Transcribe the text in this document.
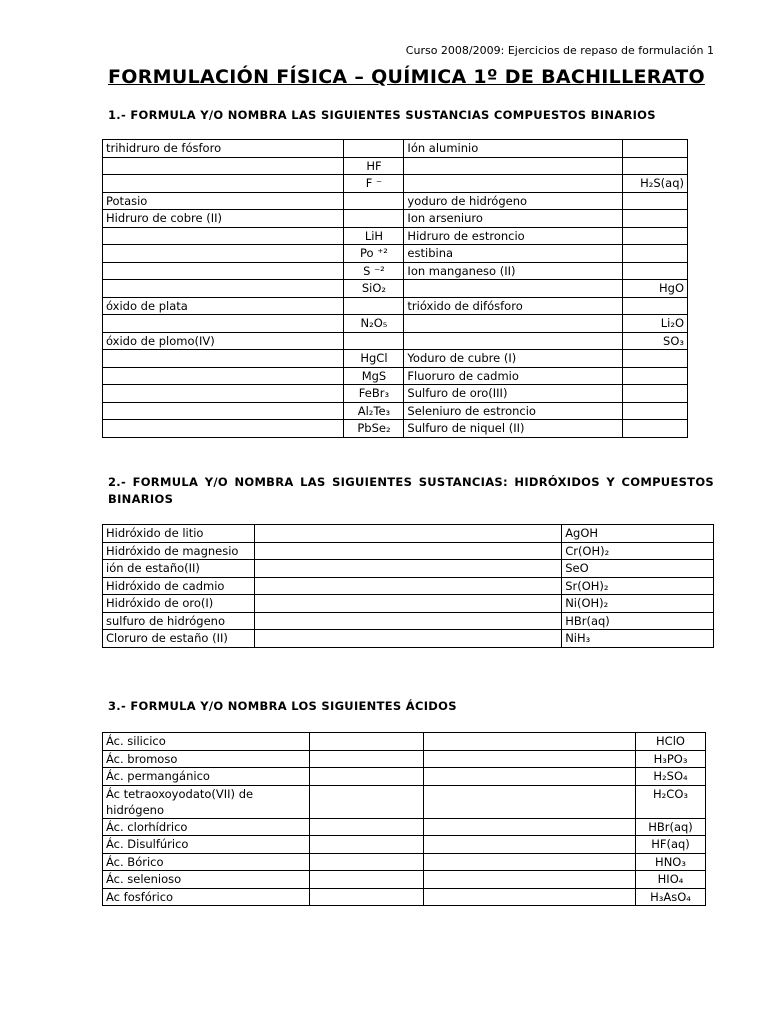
Curso 2008/2009: Ejercicios de repaso de formulación 1
FORMULACIÓN FÍSICA – QUÍMICA 1º DE BACHILLERATO
1.- FORMULA Y/O NOMBRA LAS SIGUIENTES SUSTANCIAS COMPUESTOS BINARIOS
trihidruro de fósforo		Ión aluminio	
	HF		
	F ⁻		H₂S(aq)
Potasio		yoduro de hidrógeno	
Hidruro de cobre (II)		Ion arseniuro	
	LiH	Hidruro de estroncio	
	Po ⁺²	estibina	
	S ⁻²	Ion manganeso (II)	
	SiO₂		HgO
óxido de plata		trióxido de difósforo	
	N₂O₅		Li₂O
óxido de plomo(IV)			SO₃
	HgCl	Yoduro de cubre (I)	
	MgS	Fluoruro de cadmio	
	FeBr₃	Sulfuro de oro(III)	
	Al₂Te₃	Seleniuro de estroncio	
	PbSe₂	Sulfuro de niquel (II)	
2.- FORMULA Y/O NOMBRA LAS SIGUIENTES SUSTANCIAS: HIDRÓXIDOS Y COMPUESTOS BINARIOS
Hidróxido de litio		AgOH
Hidróxido de magnesio		Cr(OH)₂
ión de estaño(II)		SeO
Hidróxido de cadmio		Sr(OH)₂
Hidróxido de oro(I)		Ni(OH)₂
sulfuro de hidrógeno		HBr(aq)
Cloruro de estaño (II)		NiH₃
3.- FORMULA Y/O NOMBRA LOS SIGUIENTES ÁCIDOS
Ác. silicico			HClO
Ác. bromoso			H₃PO₃
Ác. permangánico			H₂SO₄
Ác tetraoxoyodato(VII) de hidrógeno			H₂CO₃
Ác. clorhídrico			HBr(aq)
Ác. Disulfúrico			HF(aq)
Ác. Bórico			HNO₃
Ác. selenioso			HIO₄
Ac fosfórico			H₃AsO₄
